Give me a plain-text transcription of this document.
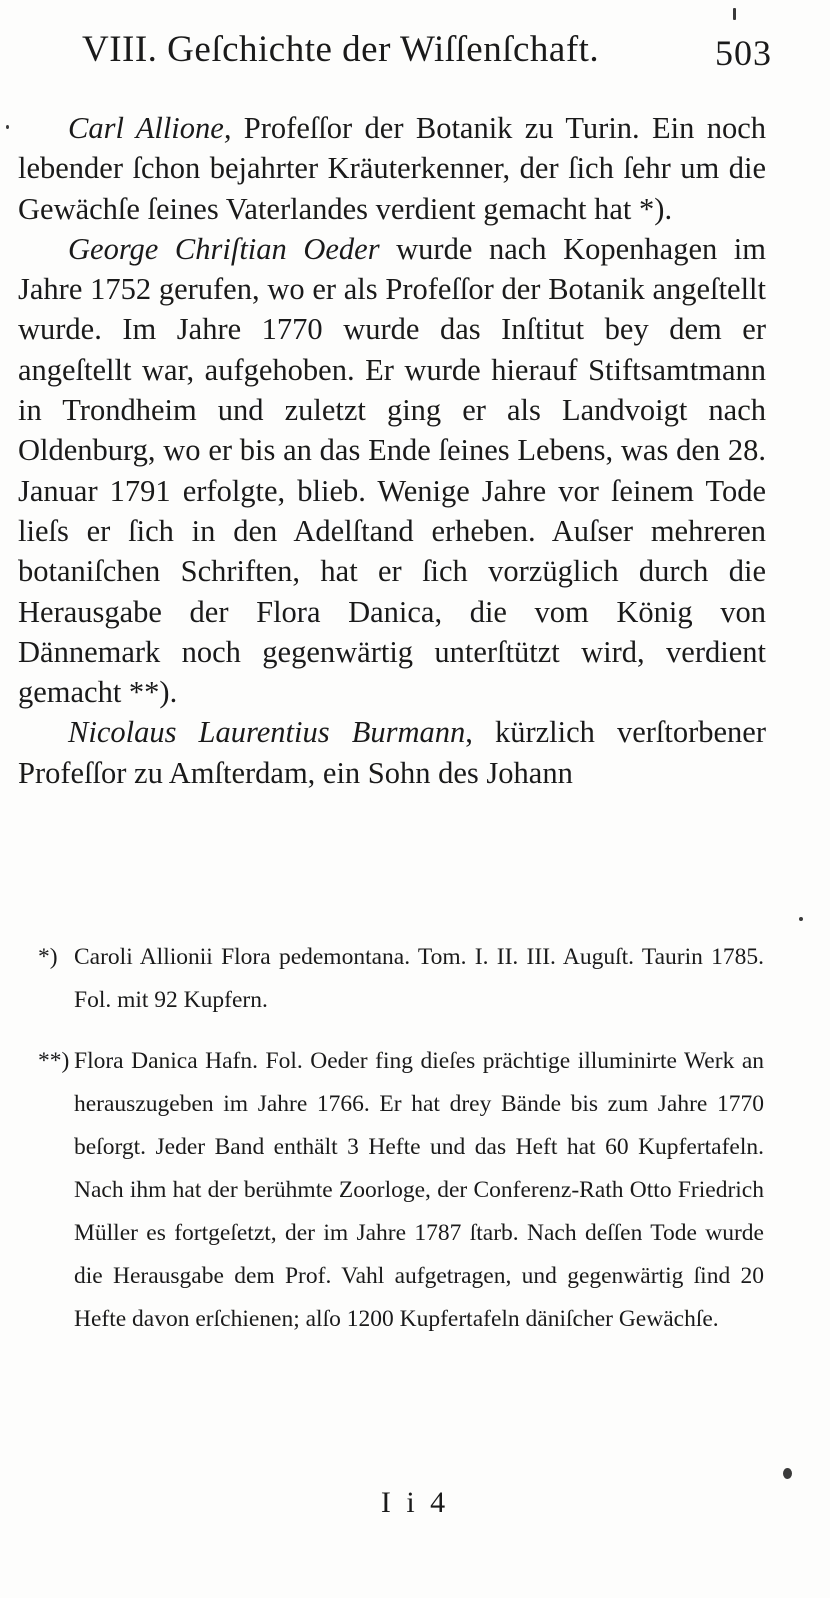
VIII. Geſchichte der Wiſſenſchaft.	503

Carl Allione, Profeſſor der Botanik zu Turin. Ein noch lebender ſchon bejahrter Kräuterkenner, der ſich ſehr um die Gewächſe ſeines Vaterlandes verdient gemacht hat *).

George Chriſtian Oeder wurde nach Kopenhagen im Jahre 1752 gerufen, wo er als Profeſſor der Botanik angeſtellt wurde. Im Jahre 1770 wurde das Inſtitut bey dem er angeſtellt war, aufgehoben. Er wurde hierauf Stiftsamtmann in Trondheim und zuletzt ging er als Landvoigt nach Oldenburg, wo er bis an das Ende ſeines Lebens, was den 28. Januar 1791 erfolgte, blieb. Wenige Jahre vor ſeinem Tode lieſs er ſich in den Adelſtand erheben. Auſser mehreren botaniſchen Schriften, hat er ſich vorzüglich durch die Herausgabe der Flora Danica, die vom König von Dännemark noch gegenwärtig unterſtützt wird, verdient gemacht **).

Nicolaus Laurentius Burmann, kürzlich verſtorbener Profeſſor zu Amſterdam, ein Sohn des Johann

*) Caroli Allionii Flora pedemontana. Tom. I. II. III. Auguſt. Taurin 1785. Fol. mit 92 Kupfern.

**) Flora Danica Hafn. Fol. Oeder fing dieſes prächtige illuminirte Werk an herauszugeben im Jahre 1766. Er hat drey Bände bis zum Jahre 1770 beſorgt. Jeder Band enthält 3 Hefte und das Heft hat 60 Kupfertafeln. Nach ihm hat der berühmte Zoorloge, der Conferenz-Rath Otto Friedrich Müller es fortgeſetzt, der im Jahre 1787 ſtarb. Nach deſſen Tode wurde die Herausgabe dem Prof. Vahl aufgetragen, und gegenwärtig ſind 20 Hefte davon erſchienen; alſo 1200 Kupfertafeln däniſcher Gewächſe.

I i 4
